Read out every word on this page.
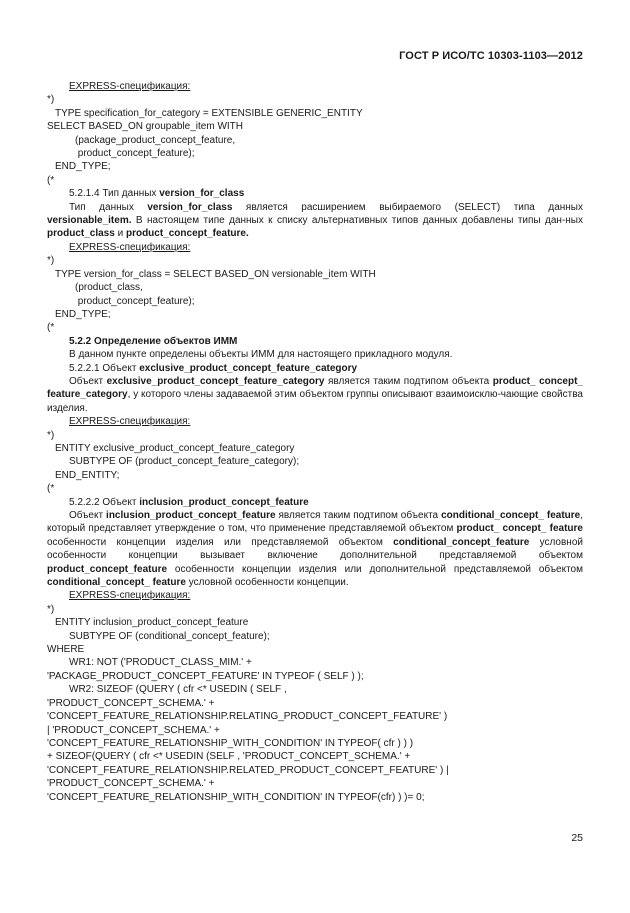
ГОСТ Р ИСО/ТС 10303-1103—2012
EXPRESS-спецификация:
*)
TYPE specification_for_category = EXTENSIBLE GENERIC_ENTITY
SELECT BASED_ON groupable_item WITH
(package_product_concept_feature,
product_concept_feature);
END_TYPE;
(*
5.2.1.4 Тип данных version_for_class
Тип данных version_for_class является расширением выбираемого (SELECT) типа данных versionable_item. В настоящем типе данных к списку альтернативных типов данных добавлены типы дан-ных product_class и product_concept_feature.
EXPRESS-спецификация:
*)
TYPE version_for_class = SELECT BASED_ON versionable_item WITH
(product_class,
product_concept_feature);
END_TYPE;
(*
5.2.2 Определение объектов ИММ
В данном пункте определены объекты ИММ для настоящего прикладного модуля.
5.2.2.1 Объект exclusive_product_concept_feature_category
Объект exclusive_product_concept_feature_category является таким подтипом объекта product_ concept_ feature_category, у которого члены задаваемой этим объектом группы описывают взаимоисклю-чающие свойства изделия.
EXPRESS-спецификация:
*)
ENTITY exclusive_product_concept_feature_category
SUBTYPE OF (product_concept_feature_category);
END_ENTITY;
(*
5.2.2.2 Объект inclusion_product_concept_feature
Объект inclusion_product_concept_feature является таким подтипом объекта conditional_concept_ feature, который представляет утверждение о том, что применение представляемой объектом product_ concept_ feature особенности концепции изделия или представляемой объектом conditional_concept_feature условной особенности концепции вызывает включение дополнительной представляемой объектом product_concept_feature особенности концепции изделия или дополнительной представляемой объектом conditional_concept_ feature условной особенности концепции.
EXPRESS-спецификация:
*)
ENTITY inclusion_product_concept_feature
SUBTYPE OF (conditional_concept_feature);
WHERE
WR1: NOT ('PRODUCT_CLASS_MIM.' +
'PACKAGE_PRODUCT_CONCEPT_FEATURE' IN TYPEOF ( SELF ) );
WR2: SIZEOF (QUERY ( cfr <* USEDIN ( SELF ,
'PRODUCT_CONCEPT_SCHEMA.' +
'CONCEPT_FEATURE_RELATIONSHIP.RELATING_PRODUCT_CONCEPT_FEATURE' )
| 'PRODUCT_CONCEPT_SCHEMA.' +
'CONCEPT_FEATURE_RELATIONSHIP_WITH_CONDITION' IN TYPEOF( cfr ) ) )
+ SIZEOF(QUERY ( cfr <* USEDIN (SELF , 'PRODUCT_CONCEPT_SCHEMA.' +
'CONCEPT_FEATURE_RELATIONSHIP.RELATED_PRODUCT_CONCEPT_FEATURE' ) |
'PRODUCT_CONCEPT_SCHEMA.' +
'CONCEPT_FEATURE_RELATIONSHIP_WITH_CONDITION' IN TYPEOF(cfr) ) )= 0;
25
